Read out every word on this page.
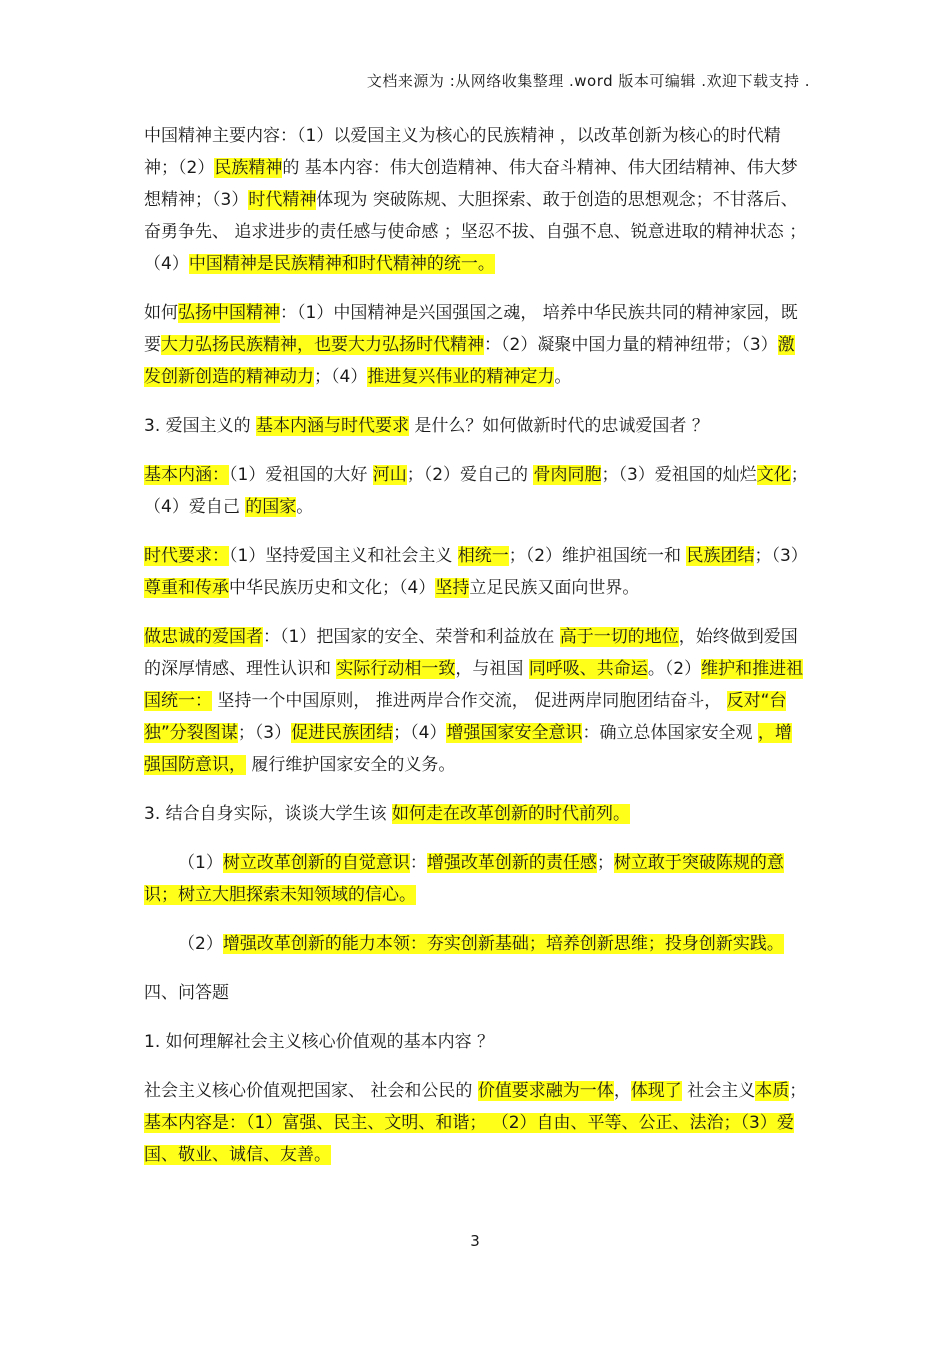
文档来源为 :从网络收集整理 .word 版本可编辑 .欢迎下载支持 .

中国精神主要内容：（1）以爱国主义为核心的民族精神 ，以改革创新为核心的时代精神；（2）民族精神的 基本内容：伟大创造精神、伟大奋斗精神、伟大团结精神、伟大梦想精神；（3）时代精神体现为 突破陈规、大胆探索、敢于创造的思想观念；不甘落后、奋勇争先、 追求进步的责任感与使命感 ；坚忍不拔、自强不息、锐意进取的精神状态 ；（4）中国精神是民族精神和时代精神的统一。

如何弘扬中国精神：（1）中国精神是兴国强国之魂， 培养中华民族共同的精神家园，既要大力弘扬民族精神，也要大力弘扬时代精神：（2）凝聚中国力量的精神纽带；（3）激发创新创造的精神动力；（4）推进复兴伟业的精神定力。

3. 爱国主义的 基本内涵与时代要求 是什么？如何做新时代的忠诚爱国者 ？

基本内涵：（1）爱祖国的大好 河山；（2）爱自己的 骨肉同胞；（3）爱祖国的灿烂文化；（4）爱自己 的国家。

时代要求：（1）坚持爱国主义和社会主义 相统一；（2）维护祖国统一和 民族团结；（3）尊重和传承中华民族历史和文化；（4）坚持立足民族又面向世界。

做忠诚的爱国者：（1）把国家的安全、荣誉和利益放在 高于一切的地位，始终做到爱国的深厚情感、理性认识和 实际行动相一致，与祖国 同呼吸、共命运。（2）维护和推进祖国统一： 坚持一个中国原则， 推进两岸合作交流， 促进两岸同胞团结奋斗， 反对“台独”分裂图谋；（3）促进民族团结；（4）增强国家安全意识：确立总体国家安全观 ，增强国防意识， 履行维护国家安全的义务。

3. 结合自身实际，谈谈大学生该 如何走在改革创新的时代前列。

（1）树立改革创新的自觉意识：增强改革创新的责任感；树立敢于突破陈规的意识；树立大胆探索未知领域的信心。

（2）增强改革创新的能力本领：夯实创新基础；培养创新思维；投身创新实践。

四、问答题

1. 如何理解社会主义核心价值观的基本内容 ？

社会主义核心价值观把国家、 社会和公民的 价值要求融为一体，体现了 社会主义本质；基本内容是：（1）富强、民主、文明、和谐； （2）自由、平等、公正、法治；（3）爱国、敬业、诚信、友善。

3
